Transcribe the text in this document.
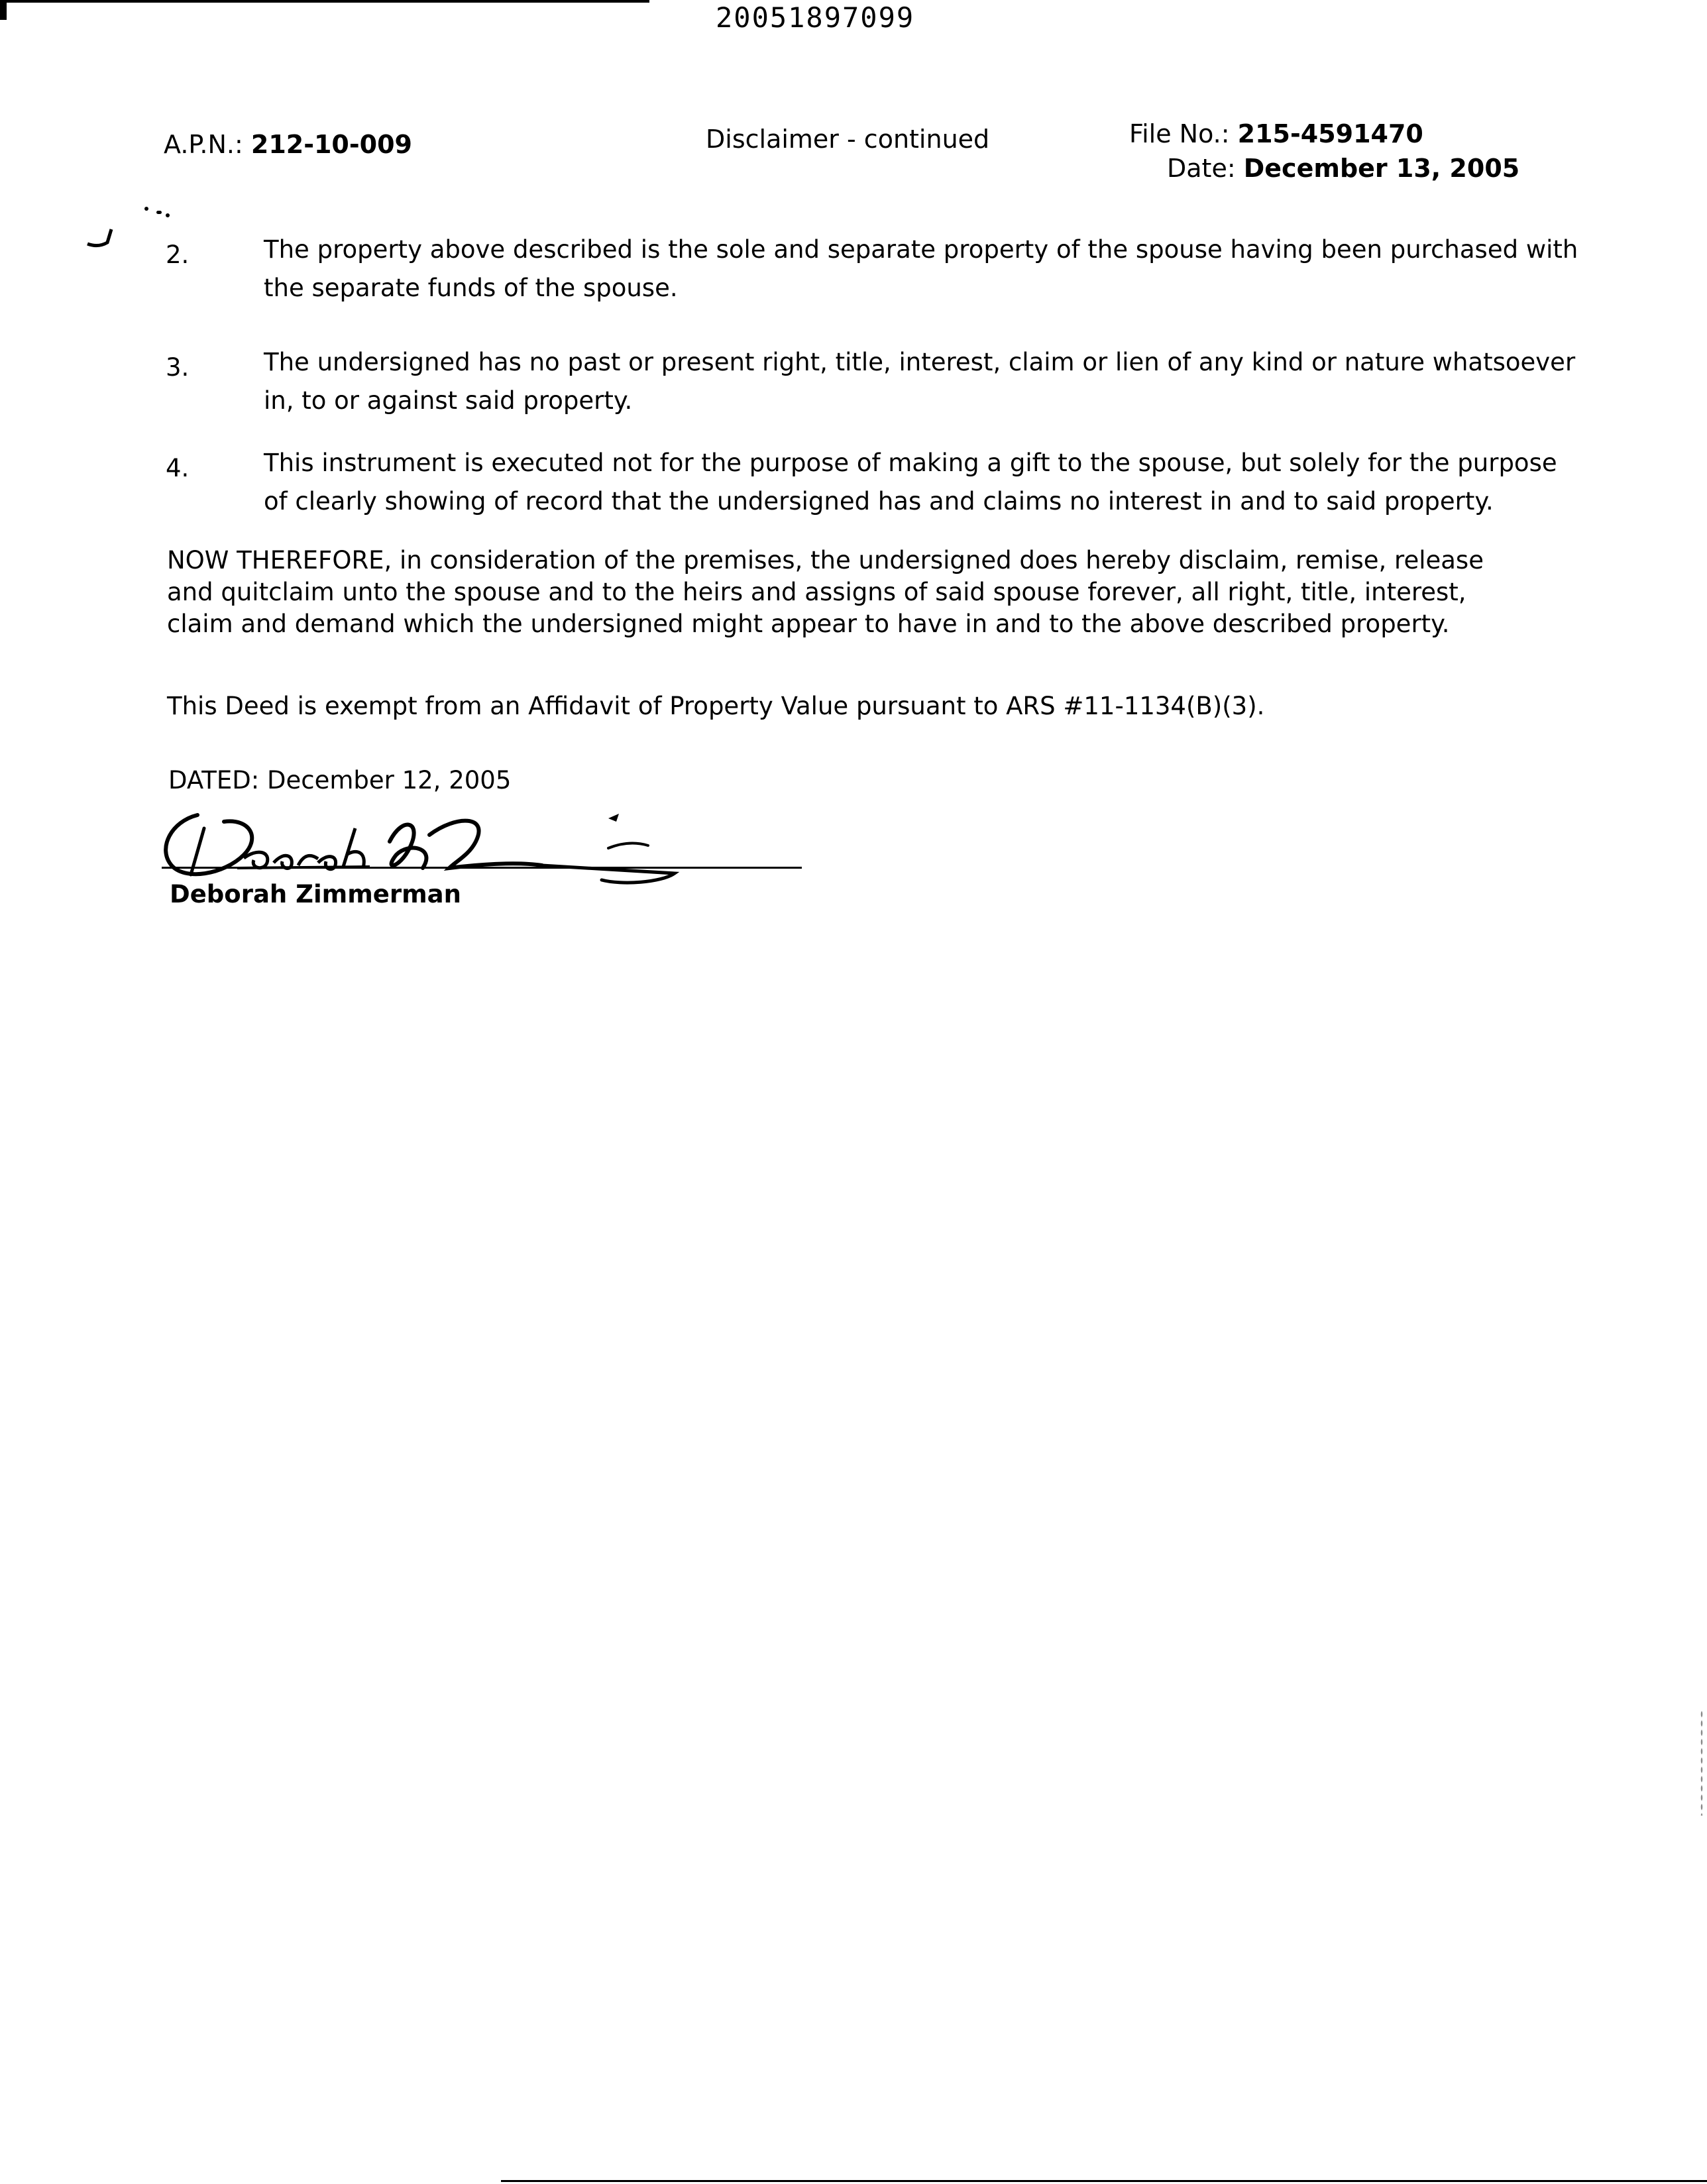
20051897099
A.P.N.: 212-10-009	Disclaimer - continued	File No.: 215-4591470
Date: December 13, 2005
2.	The property above described is the sole and separate property of the spouse having been purchased with the separate funds of the spouse.
3.	The undersigned has no past or present right, title, interest, claim or lien of any kind or nature whatsoever in, to or against said property.
4.	This instrument is executed not for the purpose of making a gift to the spouse, but solely for the purpose of clearly showing of record that the undersigned has and claims no interest in and to said property.
NOW THEREFORE, in consideration of the premises, the undersigned does hereby disclaim, remise, release and quitclaim unto the spouse and to the heirs and assigns of said spouse forever, all right, title, interest, claim and demand which the undersigned might appear to have in and to the above described property.
This Deed is exempt from an Affidavit of Property Value pursuant to ARS #11-1134(B)(3).
DATED: December 12, 2005
Deborah Zimmerman
